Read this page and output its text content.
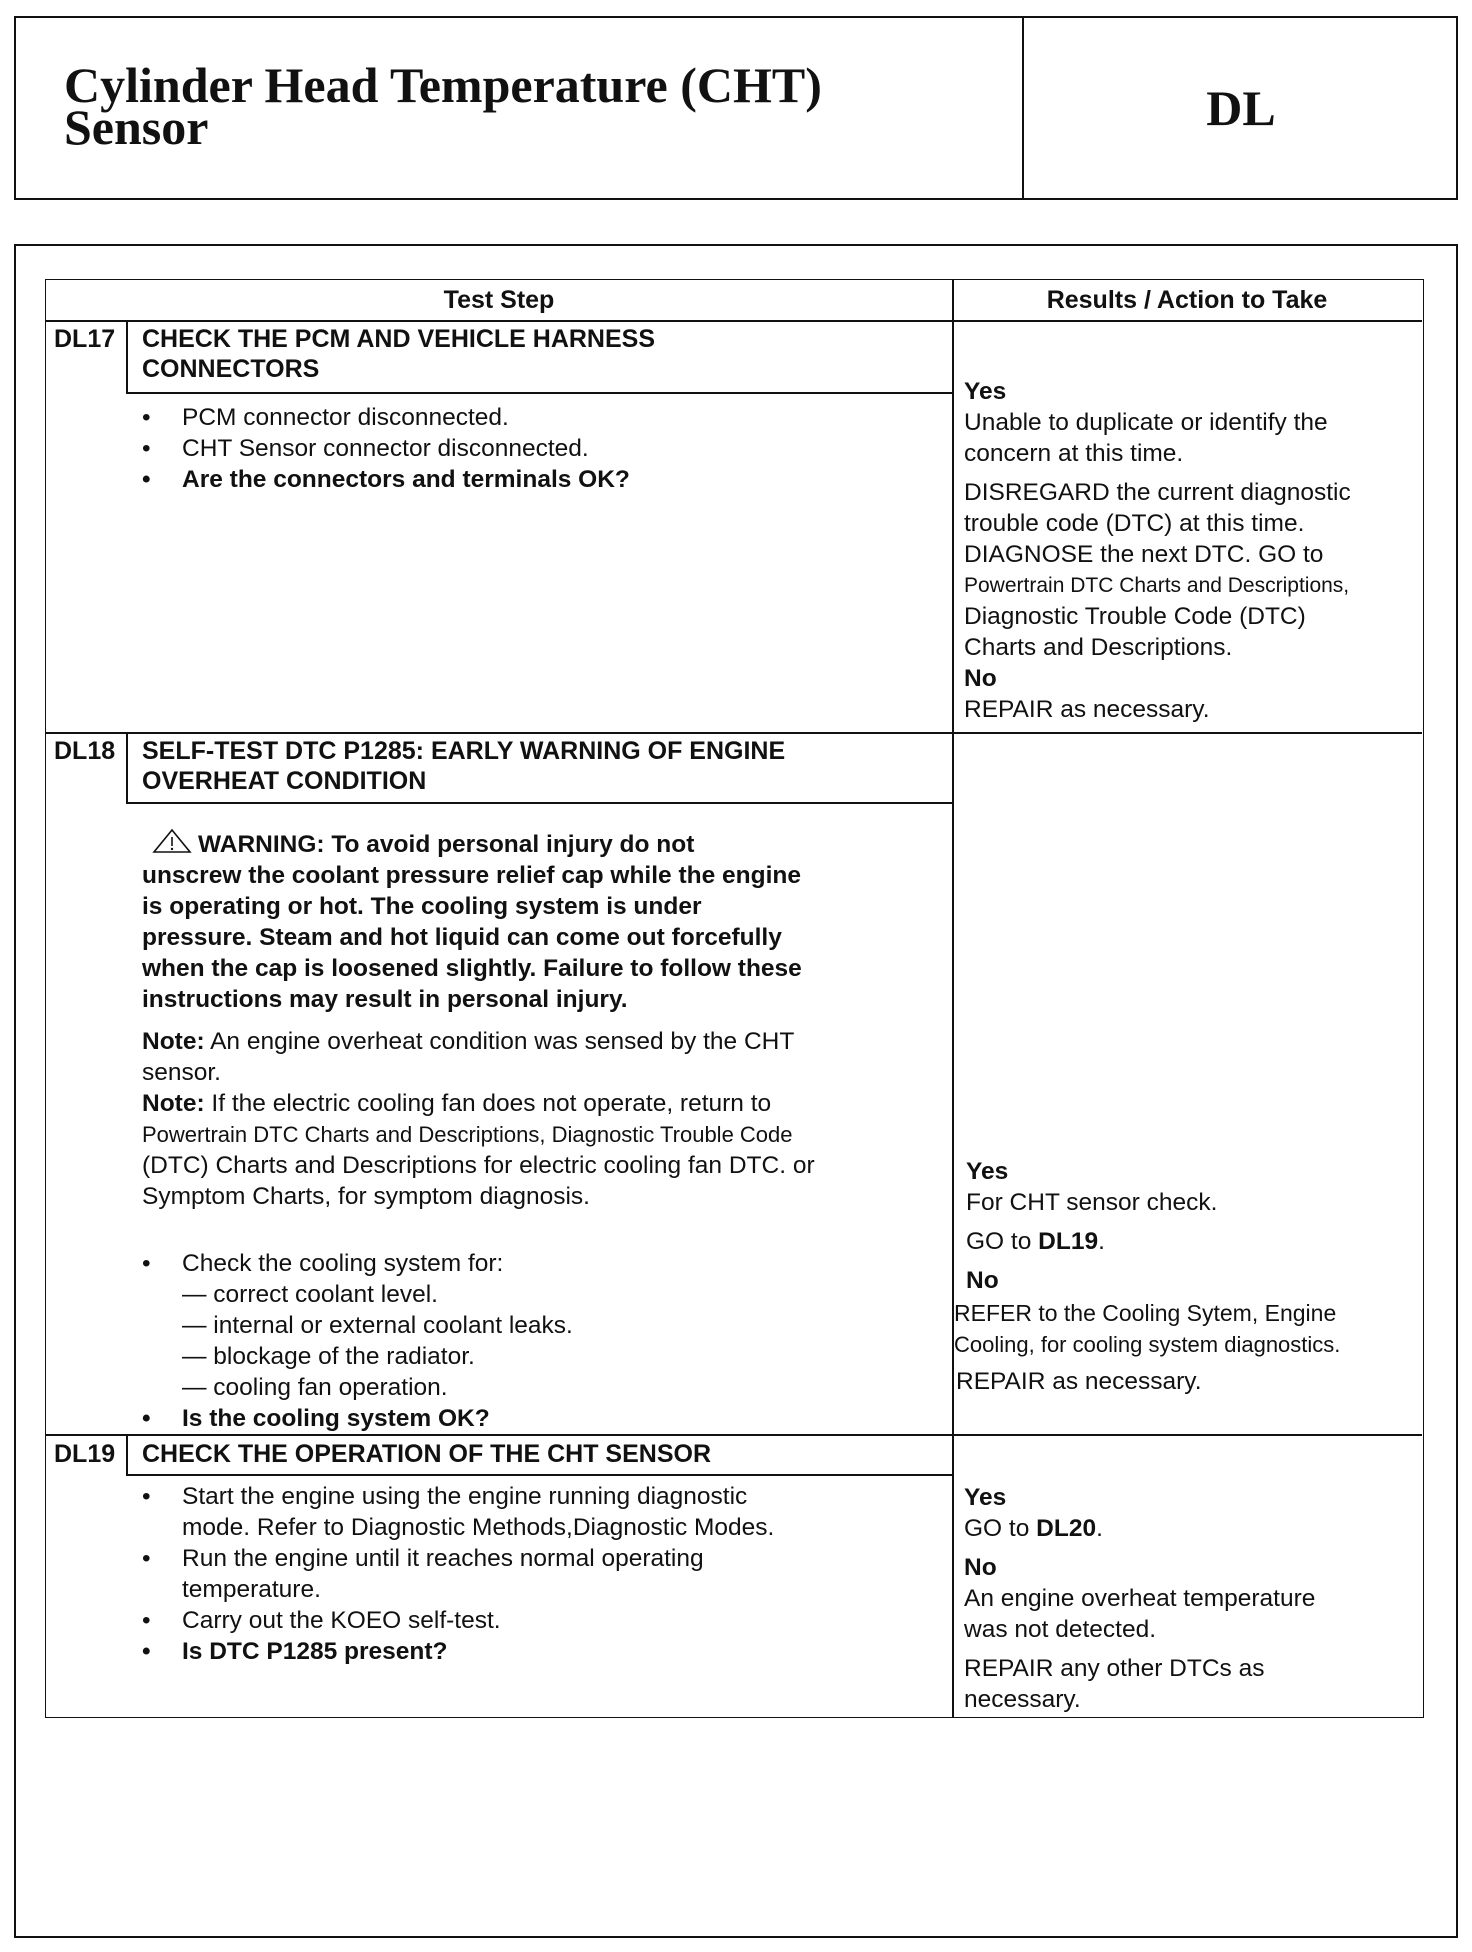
Cylinder Head Temperature (CHT)
Sensor	DL
Test Step	Results / Action to Take
DL17 CHECK THE PCM AND VEHICLE HARNESS
CONNECTORS
• PCM connector disconnected.
• CHT Sensor connector disconnected.
• Are the connectors and terminals OK?
Yes
Unable to duplicate or identify the
concern at this time.
DISREGARD the current diagnostic
trouble code (DTC) at this time.
DIAGNOSE the next DTC. GO to
Powertrain DTC Charts and Descriptions,
Diagnostic Trouble Code (DTC)
Charts and Descriptions.
No
REPAIR as necessary.
DL18 SELF-TEST DTC P1285: EARLY WARNING OF ENGINE
OVERHEAT CONDITION
WARNING: To avoid personal injury do not
unscrew the coolant pressure relief cap while the engine
is operating or hot. The cooling system is under
pressure. Steam and hot liquid can come out forcefully
when the cap is loosened slightly. Failure to follow these
instructions may result in personal injury.
Note: An engine overheat condition was sensed by the CHT
sensor.
Note: If the electric cooling fan does not operate, return to
Powertrain DTC Charts and Descriptions, Diagnostic Trouble Code
(DTC) Charts and Descriptions for electric cooling fan DTC. or
Symptom Charts, for symptom diagnosis.
• Check the cooling system for:
— correct coolant level.
— internal or external coolant leaks.
— blockage of the radiator.
— cooling fan operation.
• Is the cooling system OK?
Yes
For CHT sensor check.
GO to DL19.
No
REFER to the Cooling Sytem, Engine
Cooling, for cooling system diagnostics.
REPAIR as necessary.
DL19 CHECK THE OPERATION OF THE CHT SENSOR
• Start the engine using the engine running diagnostic
mode. Refer to Diagnostic Methods,Diagnostic Modes.
• Run the engine until it reaches normal operating
temperature.
• Carry out the KOEO self-test.
• Is DTC P1285 present?
Yes
GO to DL20.
No
An engine overheat temperature
was not detected.
REPAIR any other DTCs as
necessary.
